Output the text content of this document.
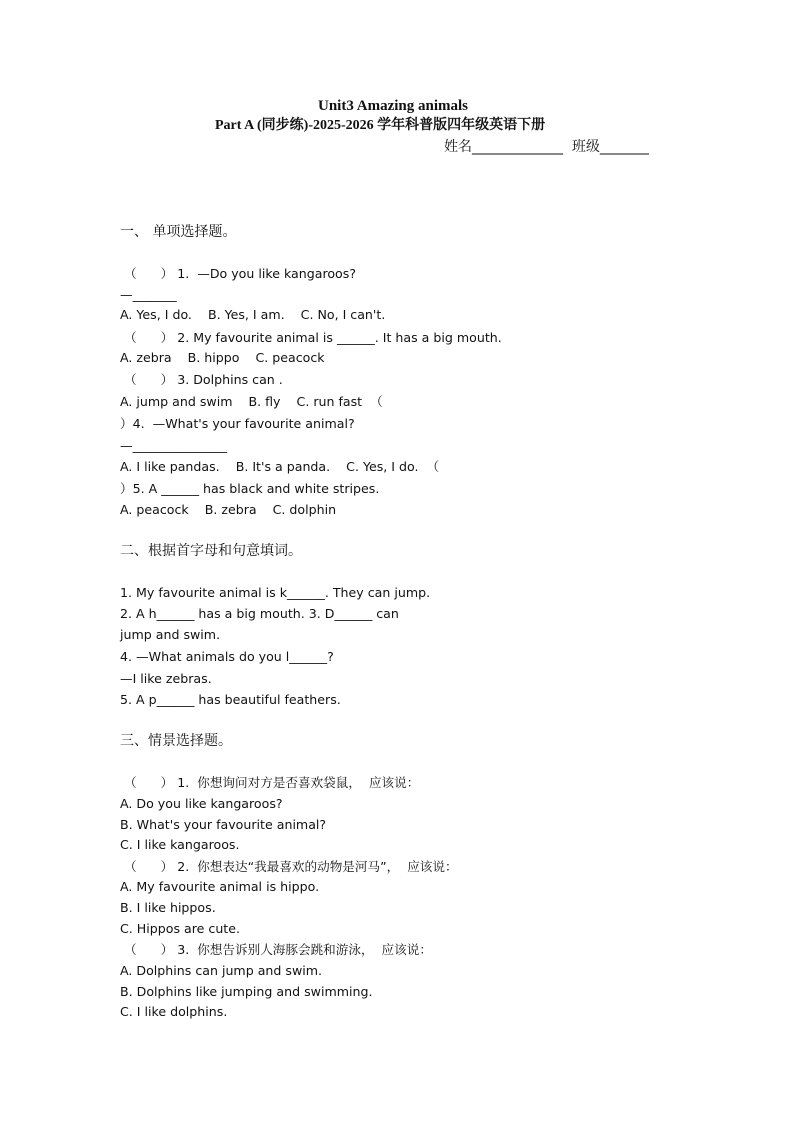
Unit3 Amazing animals
Part A (同步练)-2025-2026 学年科普版四年级英语下册
姓名_____________  班级_______
一、 单项选择题。
（      ） 1.  —Do you like kangaroos?
—_______
A. Yes, I do.    B. Yes, I am.    C. No, I can't.
（      ） 2. My favourite animal is ______. It has a big mouth.
A. zebra    B. hippo    C. peacock
（      ） 3. Dolphins can .
A. jump and swim    B. fly    C. run fast  （
）4.  —What's your favourite animal?
—_______________
A. I like pandas.    B. It's a panda.    C. Yes, I do.  （
）5. A ______ has black and white stripes.
A. peacock    B. zebra    C. dolphin
二、根据首字母和句意填词。
1. My favourite animal is k______. They can jump.
2. A h______ has a big mouth. 3. D______ can
jump and swim.
4. —What animals do you l______?
—I like zebras.
5. A p______ has beautiful feathers.
三、情景选择题。
（      ） 1.  你想询问对方是否喜欢袋鼠，  应该说：
A. Do you like kangaroos?
B. What's your favourite animal?
C. I like kangaroos.
（      ） 2.  你想表达“我最喜欢的动物是河马”，  应该说：
A. My favourite animal is hippo.
B. I like hippos.
C. Hippos are cute.
（      ） 3.  你想告诉别人海豚会跳和游泳，  应该说：
A. Dolphins can jump and swim.
B. Dolphins like jumping and swimming.
C. I like dolphins.
